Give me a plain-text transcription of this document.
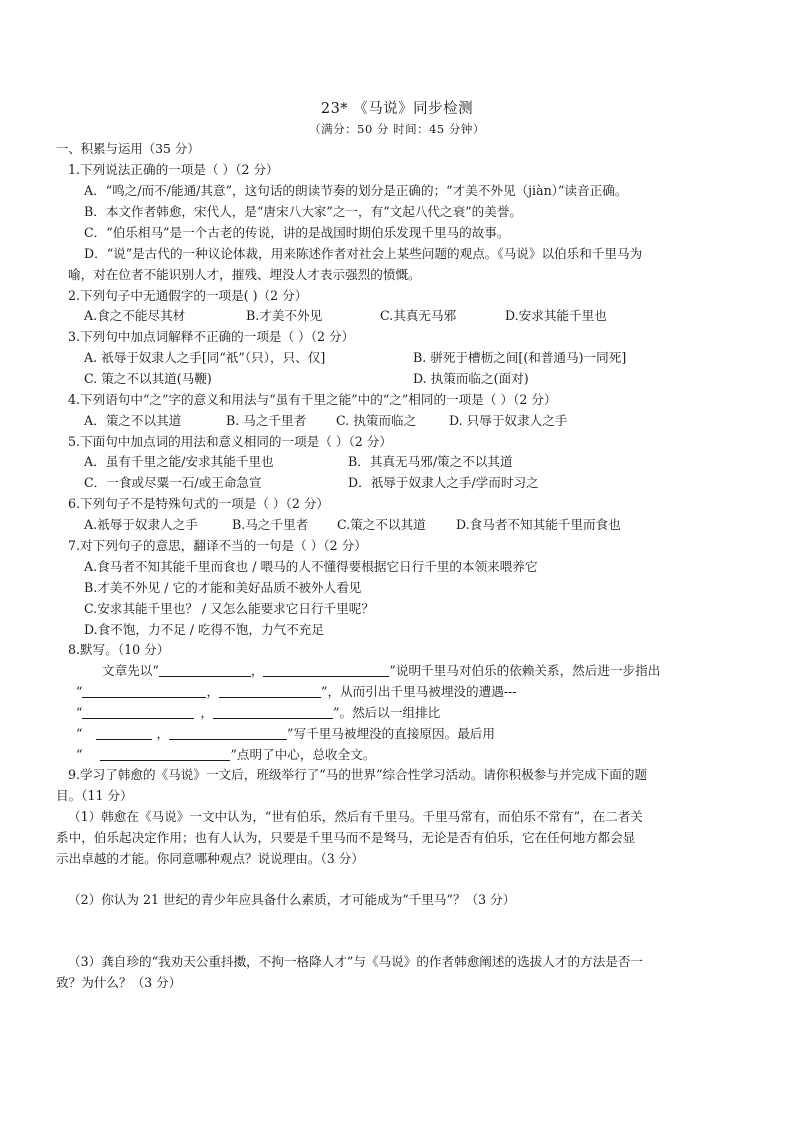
23* 《马说》同步检测
（满分：50 分 时间：45 分钟）
一、积累与运用（35 分）
1.下列说法正确的一项是（ ）（2 分）
A．“鸣之/而不/能通/其意”，这句话的朗读节奏的划分是正确的；“才美不外见（jiàn）”读音正确。
B．本文作者韩愈，宋代人，是“唐宋八大家”之一，有“文起八代之衰”的美誉。
C．“伯乐相马”是一个古老的传说，讲的是战国时期伯乐发现千里马的故事。
D．“说”是古代的一种议论体裁，用来陈述作者对社会上某些问题的观点。《马说》以伯乐和千里马为
喻，对在位者不能识别人才，摧残、埋没人才表示强烈的愤慨。
2.下列句子中无通假字的一项是( )（2 分）
A.食之不能尽其材	B.才美不外见	C.其真无马邪	D.安求其能千里也
3.下列句中加点词解释不正确的一项是（ ）（2 分）
A. 祇辱于奴隶人之手[同“祇”（只），只、仅]	B. 骈死于槽枥之间[(和普通马)一同死]
C. 策之不以其道(马鞭)	D. 执策而临之(面对)
4.下列语句中“之”字的意义和用法与“虽有千里之能”中的“之”相同的一项是（ ）（2 分）
A．策之不以其道	B. 马之千里者 C. 执策而临之	D. 只辱于奴隶人之手
5.下面句中加点词的用法和意义相同的一项是（ ）（2 分）
A．虽有千里之能/安求其能千里也	B．其真无马邪/策之不以其道
C．一食或尽粟一石/或王命急宣	D．祇辱于奴隶人之手/学而时习之
6.下列句子不是特殊句式的一项是（ ）（2 分）
A.祇辱于奴隶人之手	B.马之千里者 C.策之不以其道 D.食马者不知其能千里而食也
7.对下列句子的意思，翻译不当的一句是（ ）（2 分）
A.食马者不知其能千里而食也 / 喂马的人不懂得要根据它日行千里的本领来喂养它
B.才美不外见 / 它的才能和美好品质不被外人看见
C.安求其能千里也？ / 又怎么能要求它日行千里呢？
D.食不饱，力不足 / 吃得不饱，力气不充足
8.默写。（10 分）
文章先以“	，	”说明千里马对伯乐的依赖关系，然后进一步指出
“	，	”，从而引出千里马被埋没的遭遇---
“	，	”。然后以一组排比
“	，	”写千里马被埋没的直接原因。最后用
“	”点明了中心，总收全文。
9.学习了韩愈的《马说》一文后，班级举行了“马的世界”综合性学习活动。请你积极参与并完成下面的题
目。（11 分）
（1）韩愈在《马说》一文中认为，“世有伯乐，然后有千里马。千里马常有，而伯乐不常有”，在二者关
系中，伯乐起决定作用；也有人认为，只要是千里马而不是驽马，无论是否有伯乐，它在任何地方都会显
示出卓越的才能。你同意哪种观点？说说理由。（3 分）
（2）你认为 21 世纪的青少年应具备什么素质，才可能成为“千里马”？（3 分）
（3）龚自珍的“我劝天公重抖擞，不拘一格降人才”与《马说》的作者韩愈阐述的选拔人才的方法是否一
致？为什么？（3 分）
